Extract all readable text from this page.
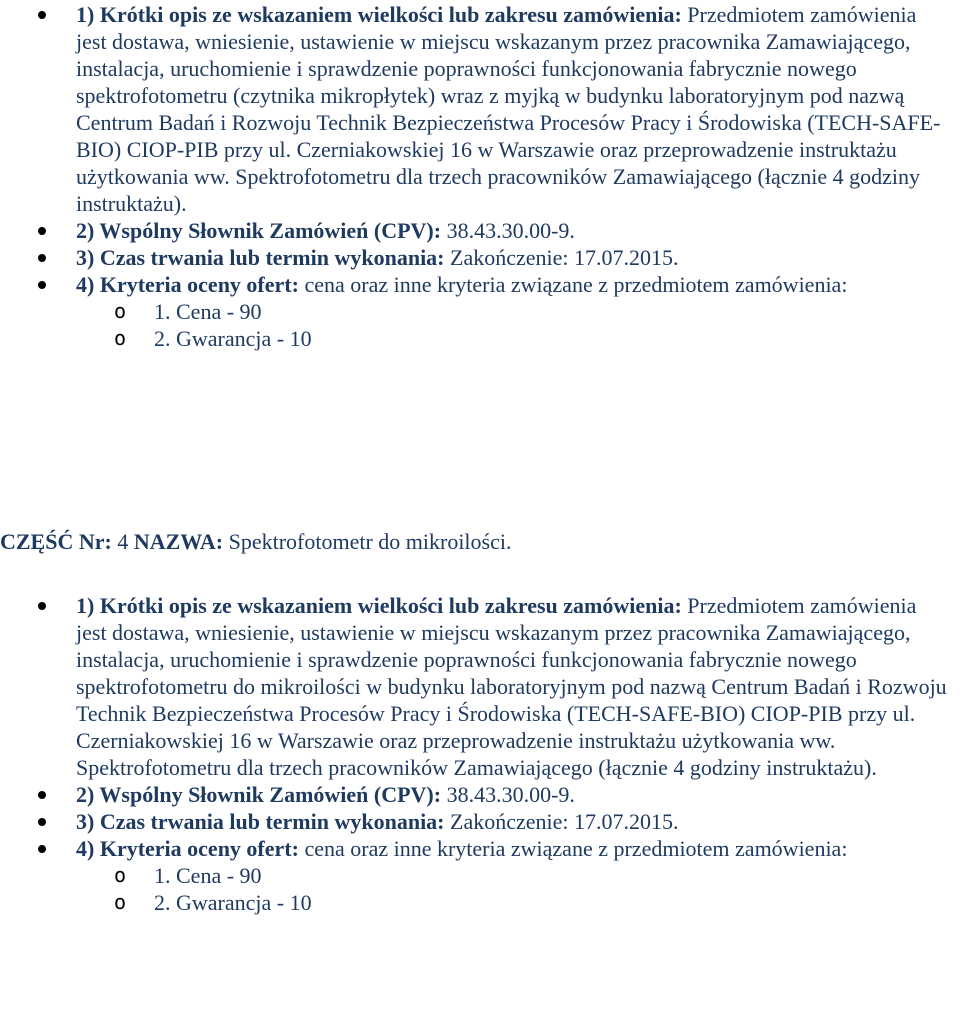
1) Krótki opis ze wskazaniem wielkości lub zakresu zamówienia: Przedmiotem zamówienia jest dostawa, wniesienie, ustawienie w miejscu wskazanym przez pracownika Zamawiającego, instalacja, uruchomienie i sprawdzenie poprawności funkcjonowania fabrycznie nowego spektrofotometru (czytnika mikropłytek) wraz z myjką w budynku laboratoryjnym pod nazwą Centrum Badań i Rozwoju Technik Bezpieczeństwa Procesów Pracy i Środowiska (TECH-SAFE-BIO) CIOP-PIB przy ul. Czerniakowskiej 16 w Warszawie oraz przeprowadzenie instruktażu użytkowania ww. Spektrofotometru dla trzech pracowników Zamawiającego (łącznie 4 godziny instruktażu).
2) Wspólny Słownik Zamówień (CPV): 38.43.30.00-9.
3) Czas trwania lub termin wykonania: Zakończenie: 17.07.2015.
4) Kryteria oceny ofert: cena oraz inne kryteria związane z przedmiotem zamówienia:
o 1. Cena - 90
o 2. Gwarancja - 10
CZĘŚĆ Nr: 4 NAZWA: Spektrofotometr do mikroilości.
1) Krótki opis ze wskazaniem wielkości lub zakresu zamówienia: Przedmiotem zamówienia jest dostawa, wniesienie, ustawienie w miejscu wskazanym przez pracownika Zamawiającego, instalacja, uruchomienie i sprawdzenie poprawności funkcjonowania fabrycznie nowego spektrofotometru do mikroilości w budynku laboratoryjnym pod nazwą Centrum Badań i Rozwoju Technik Bezpieczeństwa Procesów Pracy i Środowiska (TECH-SAFE-BIO) CIOP-PIB przy ul. Czerniakowskiej 16 w Warszawie oraz przeprowadzenie instruktażu użytkowania ww. Spektrofotometru dla trzech pracowników Zamawiającego (łącznie 4 godziny instruktażu).
2) Wspólny Słownik Zamówień (CPV): 38.43.30.00-9.
3) Czas trwania lub termin wykonania: Zakończenie: 17.07.2015.
4) Kryteria oceny ofert: cena oraz inne kryteria związane z przedmiotem zamówienia:
o 1. Cena - 90
o 2. Gwarancja - 10
